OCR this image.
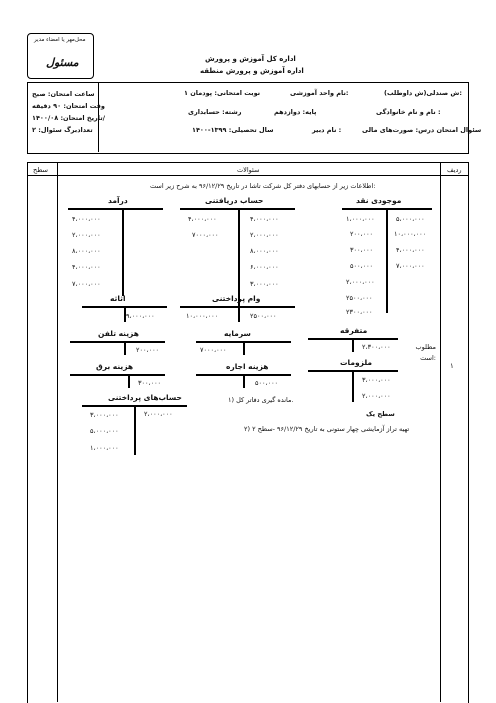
محل‌مهر یا امضاء مدیر
مسئول	اداره کل آموزش و پرورش
اداره آموزش و پرورش منطقه
ش صندلی(ش داوطلب):
نام واحد آموزشی:
نوبت امتحانی: پودمان ۱
نام و نام خانوادگی :
پایه: دوازدهم
رشته: حسابداری
سئوال امتحان درس: صورت‌های مالی
نام دبیر :
سال تحصیلی: ۱۳۹۹-۱۴۰۰
ساعت امتحان: صبح
وقت امتحان: ۹۰ دقیقه
تاریخ امتحان: ۱۴۰۰/۰۸/
تعدادبرگ سئوال: ۲
ردیف
سئوالات
سطح
۱
اطلاعات زیر از حسابهای دفتر کل شرکت تاشا در تاریخ ۹۶/۱۲/۲۹ به شرح زیر است:
موجودی نقد
۵،۰۰۰،۰۰۰
۱۰،۰۰۰،۰۰۰
۴،۰۰۰،۰۰۰
۷،۰۰۰،۰۰۰
۱،۰۰۰،۰۰۰
۲۰۰،۰۰۰
۳۰۰،۰۰۰
۵۰۰،۰۰۰
۲،۰۰۰،۰۰۰
۲۵۰۰،۰۰۰
۲۳۰۰،۰۰۰
حساب دریافتنی
۴،۰۰۰،۰۰۰
۲،۰۰۰،۰۰۰
۸،۰۰۰،۰۰۰
۶،۰۰۰،۰۰۰
۳،۰۰۰،۰۰۰
۴،۰۰۰،۰۰۰
۷۰۰۰،۰۰۰
درآمد
۴،۰۰۰،۰۰۰
۲،۰۰۰،۰۰۰
۸،۰۰۰،۰۰۰
۴،۰۰۰،۰۰۰
۷،۰۰۰،۰۰۰
اثاثه
۹،۰۰۰،۰۰۰
وام پرداختنی
۲۵۰۰،۰۰۰
۱۰،۰۰۰،۰۰۰
متفرقه
۲،۳۰۰،۰۰۰
هزینه تلفن
۲۰۰،۰۰۰
سرمایه
۷۰۰۰،۰۰۰	مطلوب است:
ملزومات
۳،۰۰۰،۰۰۰
۲،۰۰۰،۰۰۰
هزینه برق
۳۰۰،۰۰۰
هزینه اجاره
۵۰۰،۰۰۰
حساب‌های پرداختنی
۲،۰۰۰،۰۰۰
۳،۰۰۰،۰۰۰
۵،۰۰۰،۰۰۰
۱،۰۰۰،۰۰۰
۱) مانده گیری دفاتر کل.
سطح یک
۲) تهیه تراز آزمایشی چهار ستونی به تاریخ ۹۶/۱۲/۲۹ -سطح ۲
